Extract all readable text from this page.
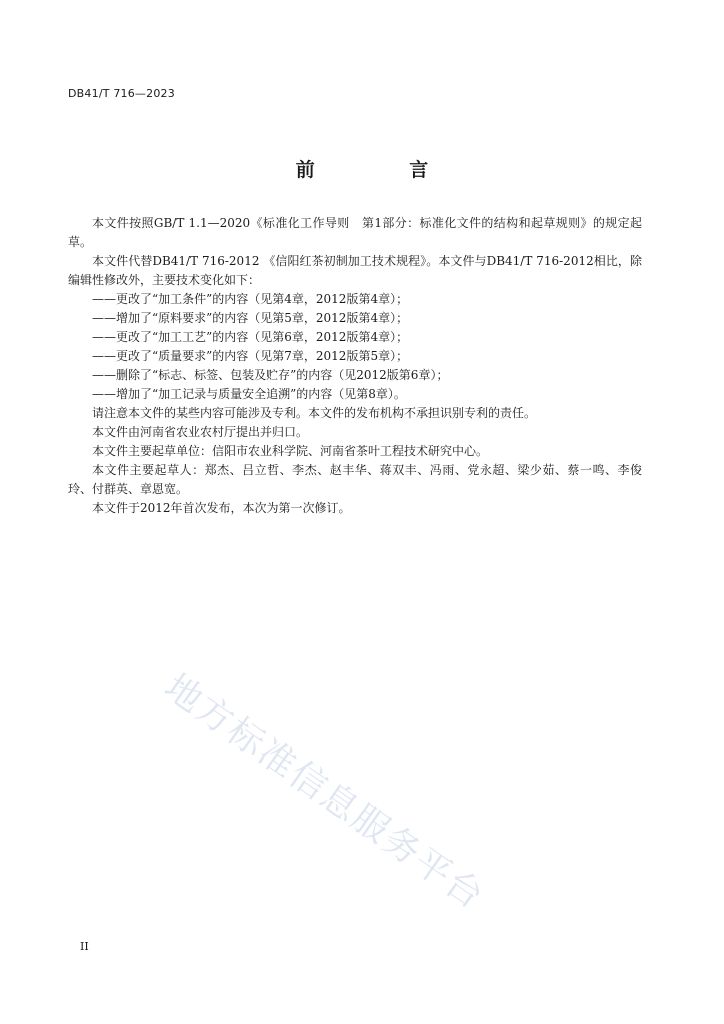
DB41/T 716—2023
前 言

本文件按照GB/T 1.1—2020《标准化工作导则　第1部分：标准化文件的结构和起草规则》的规定起草。

本文件代替DB41/T 716-2012 《信阳红茶初制加工技术规程》。本文件与DB41/T 716-2012相比，除编辑性修改外，主要技术变化如下：

——更改了“加工条件”的内容（见第4章，2012版第4章）；

——增加了“原料要求”的内容（见第5章，2012版第4章）；

——更改了“加工工艺”的内容（见第6章，2012版第4章）；

——更改了“质量要求”的内容（见第7章，2012版第5章）；

——删除了“标志、标签、包装及贮存”的内容（见2012版第6章）；

——增加了“加工记录与质量安全追溯”的内容（见第8章）。

请注意本文件的某些内容可能涉及专利。本文件的发布机构不承担识别专利的责任。

本文件由河南省农业农村厅提出并归口。

本文件主要起草单位：信阳市农业科学院、河南省茶叶工程技术研究中心。

本文件主要起草人：郑杰、吕立哲、李杰、赵丰华、蒋双丰、冯雨、党永超、梁少茹、蔡一鸣、李俊玲、付群英、章恩宽。

本文件于2012年首次发布，本次为第一次修订。

地方标准信息服务平台
II
